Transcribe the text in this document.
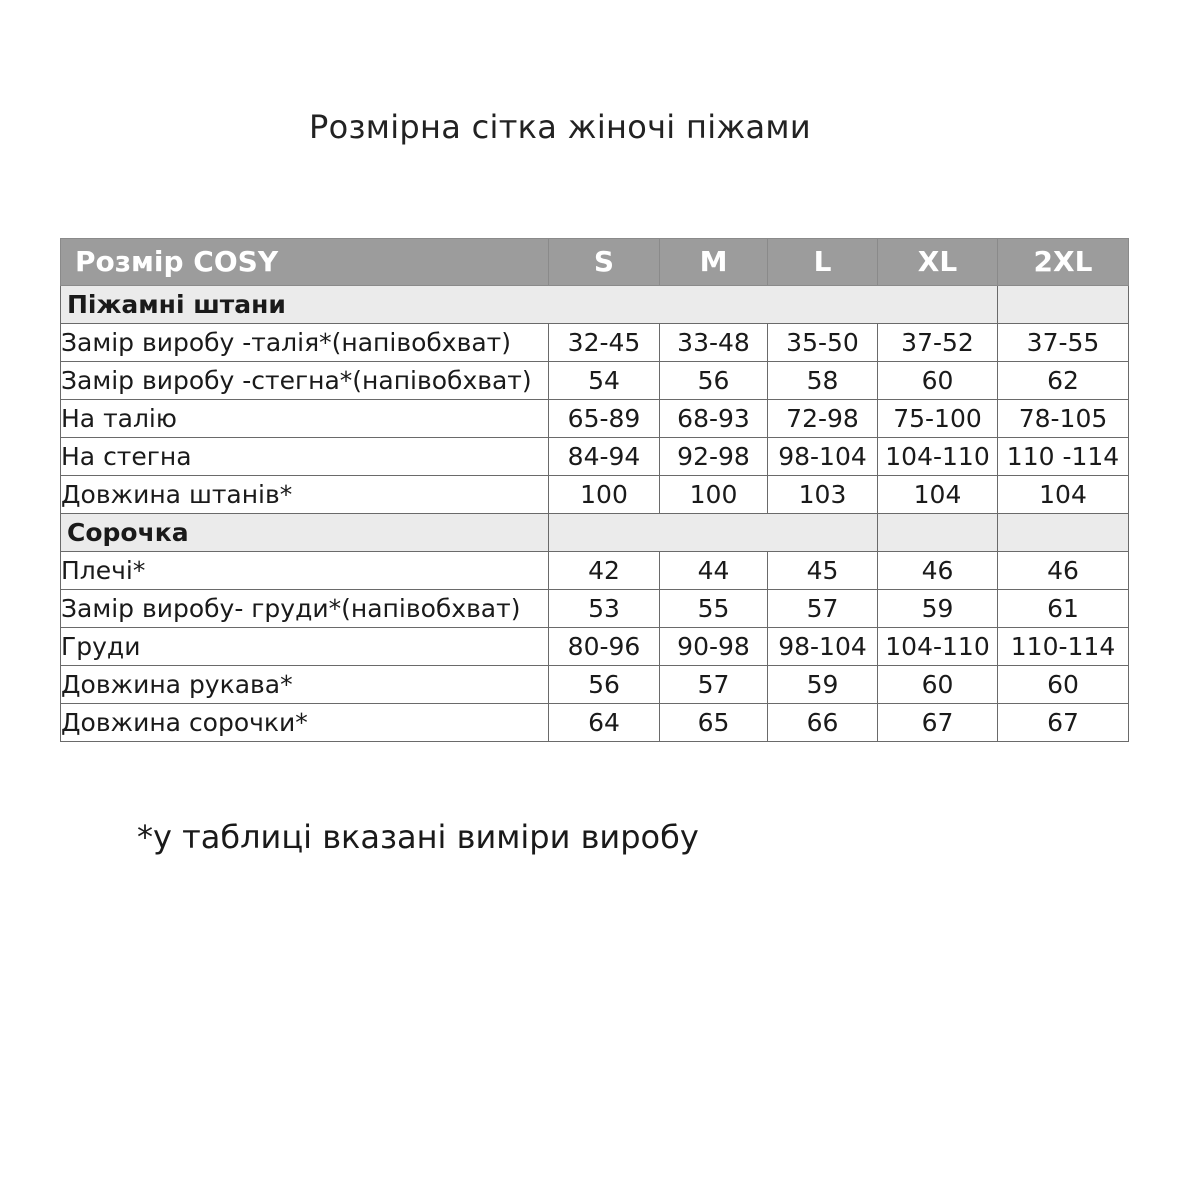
Розмірна сітка жіночі піжами
Розмір COSY	S	M	L	XL	2XL
Піжамні штани					
Замір виробу -талія*(напівобхват)	32-45	33-48	35-50	37-52	37-55
Замір виробу -стегна*(напівобхват)	54	56	58	60	62
На талію	65-89	68-93	72-98	75-100	78-105
На стегна	84-94	92-98	98-104	104-110	110 -114
Довжина штанів*	100	100	103	104	104
Сорочка					
Плечі*	42	44	45	46	46
Замір виробу- груди*(напівобхват)	53	55	57	59	61
Груди	80-96	90-98	98-104	104-110	110-114
Довжина рукава*	56	57	59	60	60
Довжина сорочки*	64	65	66	67	67
*у таблиці вказані виміри виробу
